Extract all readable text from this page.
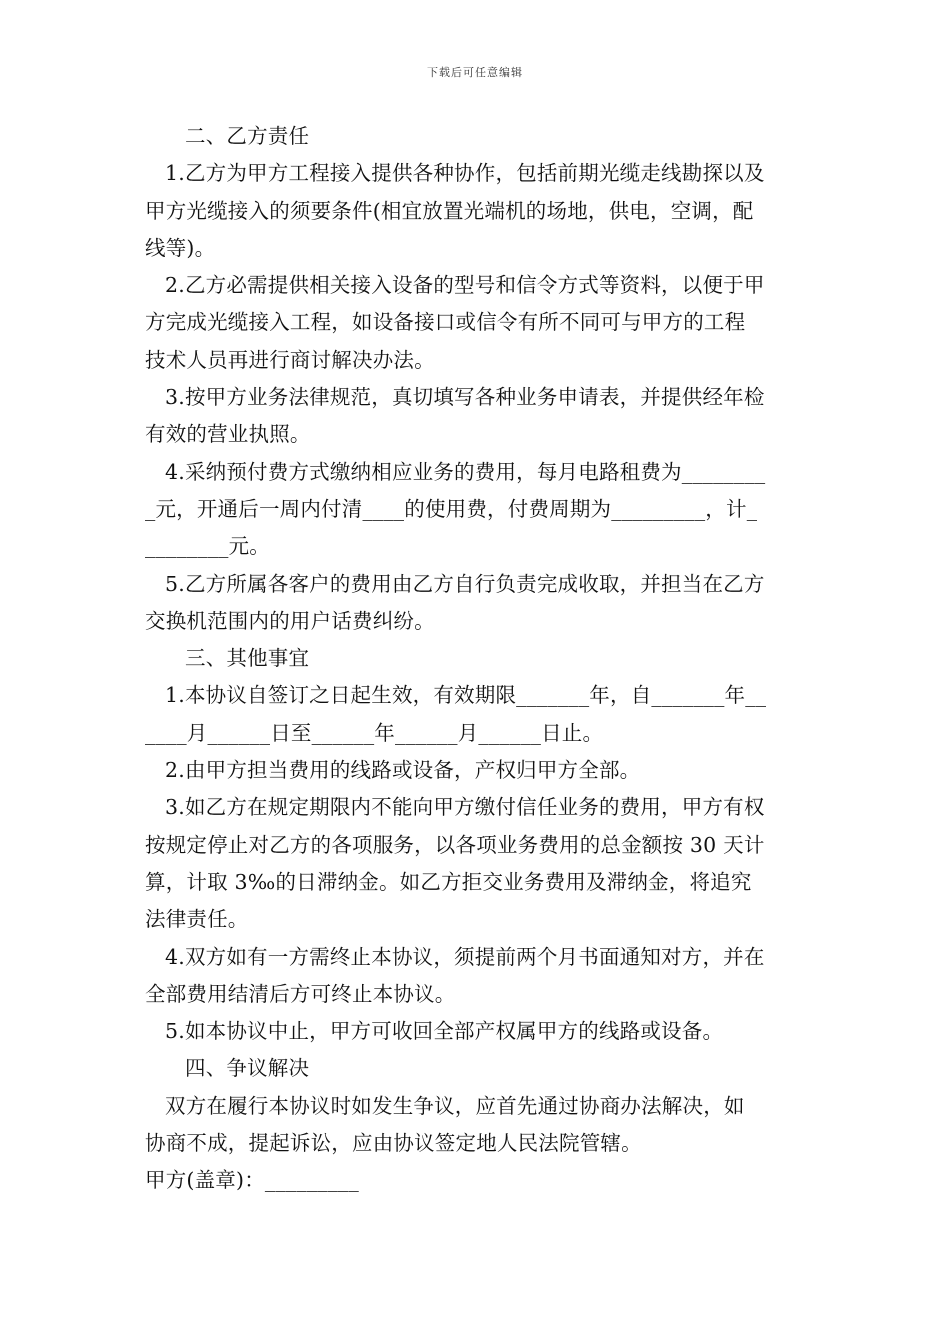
下载后可任意编辑
二、乙方责任
1.乙方为甲方工程接入提供各种协作，包括前期光缆走线勘探以及
甲方光缆接入的须要条件(相宜放置光端机的场地，供电，空调，配
线等)。
2.乙方必需提供相关接入设备的型号和信令方式等资料，以便于甲
方完成光缆接入工程，如设备接口或信令有所不同可与甲方的工程
技术人员再进行商讨解决办法。
3.按甲方业务法律规范，真切填写各种业务申请表，并提供经年检
有效的营业执照。
4.采纳预付费方式缴纳相应业务的费用，每月电路租费为________
_元，开通后一周内付清____的使用费，付费周期为_________，计_
________元。
5.乙方所属各客户的费用由乙方自行负责完成收取，并担当在乙方
交换机范围内的用户话费纠纷。
三、其他事宜
1.本协议自签订之日起生效，有效期限_______年，自_______年__
____月______日至______年______月______日止。
2.由甲方担当费用的线路或设备，产权归甲方全部。
3.如乙方在规定期限内不能向甲方缴付信任业务的费用，甲方有权
按规定停止对乙方的各项服务，以各项业务费用的总金额按 30 天计
算，计取 3‰的日滞纳金。如乙方拒交业务费用及滞纳金，将追究
法律责任。
4.双方如有一方需终止本协议，须提前两个月书面通知对方，并在
全部费用结清后方可终止本协议。
5.如本协议中止，甲方可收回全部产权属甲方的线路或设备。
四、争议解决
双方在履行本协议时如发生争议，应首先通过协商办法解决，如
协商不成，提起诉讼，应由协议签定地人民法院管辖。
甲方(盖章)：_________
